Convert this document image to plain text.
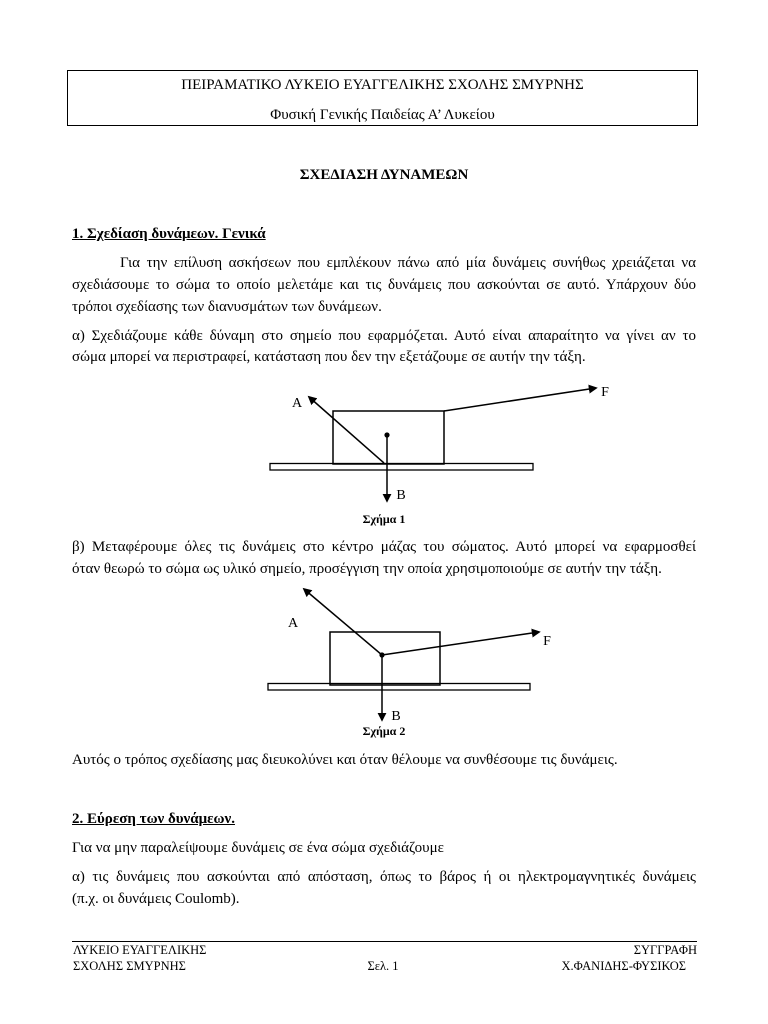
ΠΕΙΡΑΜΑΤΙΚΟ ΛΥΚΕΙΟ ΕΥΑΓΓΕΛΙΚΗΣ ΣΧΟΛΗΣ ΣΜΥΡΝΗΣ
Φυσική Γενικής Παιδείας Α’ Λυκείου
ΣΧΕΔΙΑΣΗ ΔΥΝΑΜΕΩΝ
1. Σχεδίαση δυνάμεων. Γενικά
Για την επίλυση ασκήσεων που εμπλέκουν πάνω από μία δυνάμεις συνήθως χρειάζεται να
σχεδιάσουμε το σώμα το οποίο μελετάμε και τις δυνάμεις που ασκούνται σε αυτό. Υπάρχουν δύο
τρόποι σχεδίασης των διανυσμάτων των δυνάμεων.
α) Σχεδιάζουμε κάθε δύναμη στο σημείο που εφαρμόζεται. Αυτό είναι απαραίτητο να γίνει αν το
σώμα μπορεί να περιστραφεί, κατάσταση που δεν την εξετάζουμε σε αυτήν την τάξη.
A
F
B
Σχήμα 1
β) Μεταφέρουμε όλες τις δυνάμεις στο κέντρο μάζας του σώματος. Αυτό μπορεί να εφαρμοσθεί
όταν θεωρώ το σώμα ως υλικό σημείο, προσέγγιση την οποία χρησιμοποιούμε σε αυτήν την τάξη.
A
F
B
Σχήμα 2
Αυτός ο τρόπος σχεδίασης μας διευκολύνει και όταν θέλουμε να συνθέσουμε τις δυνάμεις.
2. Εύρεση των δυνάμεων.
Για να μην παραλείψουμε δυνάμεις σε ένα σώμα σχεδιάζουμε
α) τις δυνάμεις που ασκούνται από απόσταση, όπως το βάρος ή οι ηλεκτρομαγνητικές δυνάμεις
(π.χ. οι δυνάμεις Coulomb).
ΛΥΚΕΙΟ ΕΥΑΓΓΕΛΙΚΗΣ
ΣΧΟΛΗΣ ΣΜΥΡΝΗΣ	Σελ. 1
ΣΥΓΓΡΑΦΗ
Χ.ΦΑΝΙΔΗΣ-ΦΥΣΙΚΟΣ
